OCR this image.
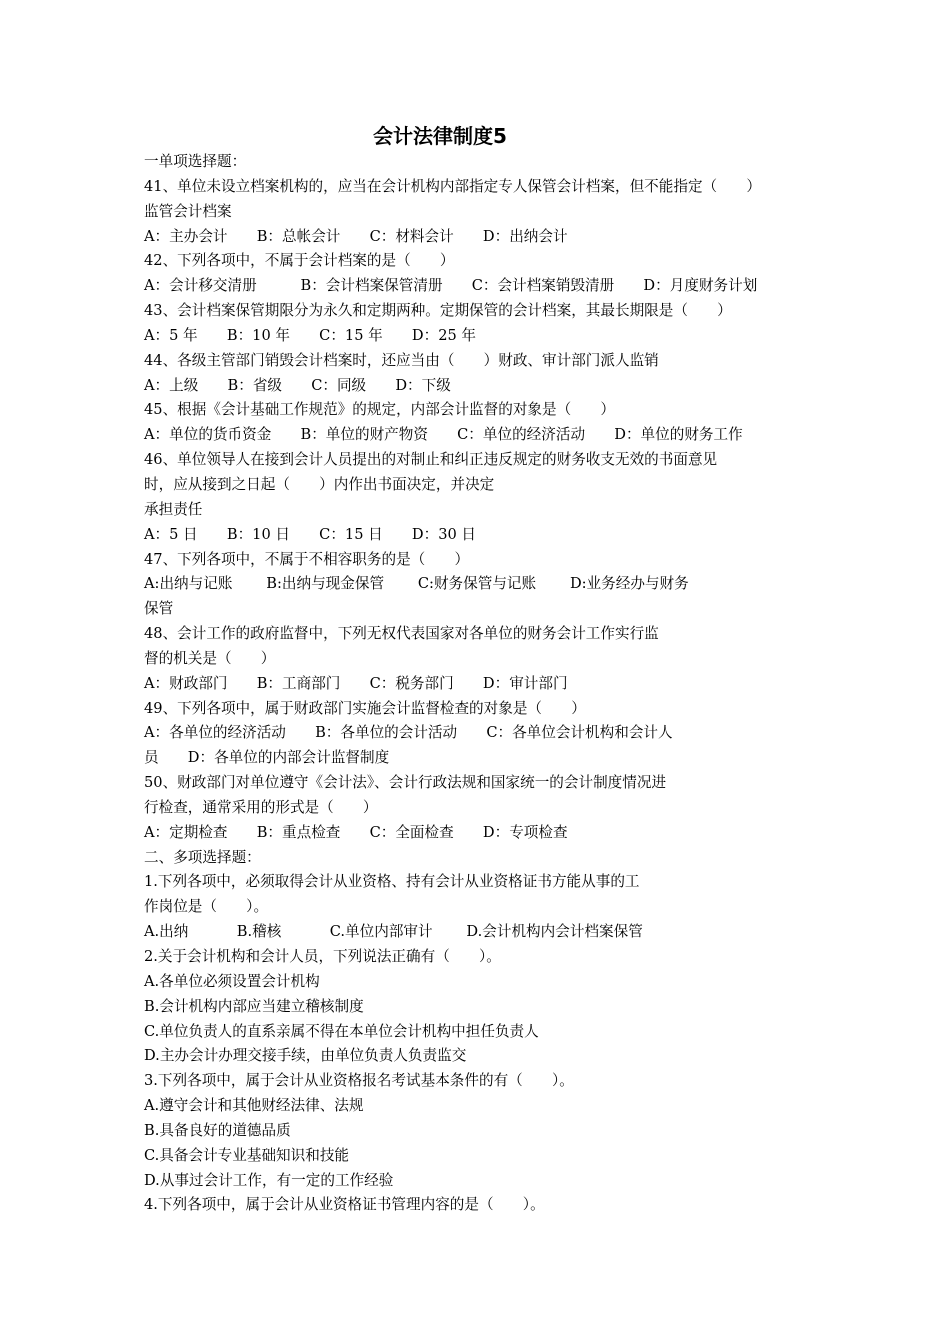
会计法律制度5
一单项选择题：
41、单位未设立档案机构的，应当在会计机构内部指定专人保管会计档案，但不能指定（　　）
监管会计档案
A：主办会计　　B：总帐会计　　C：材料会计　　D：出纳会计
42、下列各项中，不属于会计档案的是（　　）
A：会计移交清册　　　B：会计档案保管清册　　C：会计档案销毁清册　　D：月度财务计划
43、会计档案保管期限分为永久和定期两种。定期保管的会计档案，其最长期限是（　　）
A：5 年　　B：10 年　　C：15 年　　D：25 年
44、各级主管部门销毁会计档案时，还应当由（　　）财政、审计部门派人监销
A：上级　　B：省级　　C：同级　　D：下级
45、根据《会计基础工作规范》的规定，内部会计监督的对象是（　　）
A：单位的货币资金　　B：单位的财产物资　　C：单位的经济活动　　D：单位的财务工作
46、单位领导人在接到会计人员提出的对制止和纠正违反规定的财务收支无效的书面意见
时，应从接到之日起（　　）内作出书面决定，并决定
承担责任
A：5 日　　B：10 日　　C：15 日　　D：30 日
47、下列各项中，不属于不相容职务的是（　　）
A:出纳与记账　　 B:出纳与现金保管　　 C:财务保管与记账　　 D:业务经办与财务
保管
48、会计工作的政府监督中，下列无权代表国家对各单位的财务会计工作实行监
督的机关是（　　）
A：财政部门　　B：工商部门　　C：税务部门　　D：审计部门
49、下列各项中，属于财政部门实施会计监督检查的对象是（　　）
A：各单位的经济活动　　B：各单位的会计活动　　C：各单位会计机构和会计人
员　　D：各单位的内部会计监督制度
50、财政部门对单位遵守《会计法》、会计行政法规和国家统一的会计制度情况进
行检查，通常采用的形式是（　　）
A：定期检查　　B：重点检查　　C：全面检查　　D：专项检查
二、多项选择题：
1.下列各项中，必须取得会计从业资格、持有会计从业资格证书方能从事的工
作岗位是（　　）。
A.出纳　　　 B.稽核　　　 C.单位内部审计　　 D.会计机构内会计档案保管
2.关于会计机构和会计人员，下列说法正确有（　　）。
A.各单位必须设置会计机构
B.会计机构内部应当建立稽核制度
C.单位负责人的直系亲属不得在本单位会计机构中担任负责人
D.主办会计办理交接手续，由单位负责人负责监交
3.下列各项中，属于会计从业资格报名考试基本条件的有（　　）。
A.遵守会计和其他财经法律、法规
B.具备良好的道德品质
C.具备会计专业基础知识和技能
D.从事过会计工作，有一定的工作经验
4.下列各项中，属于会计从业资格证书管理内容的是（　　）。
